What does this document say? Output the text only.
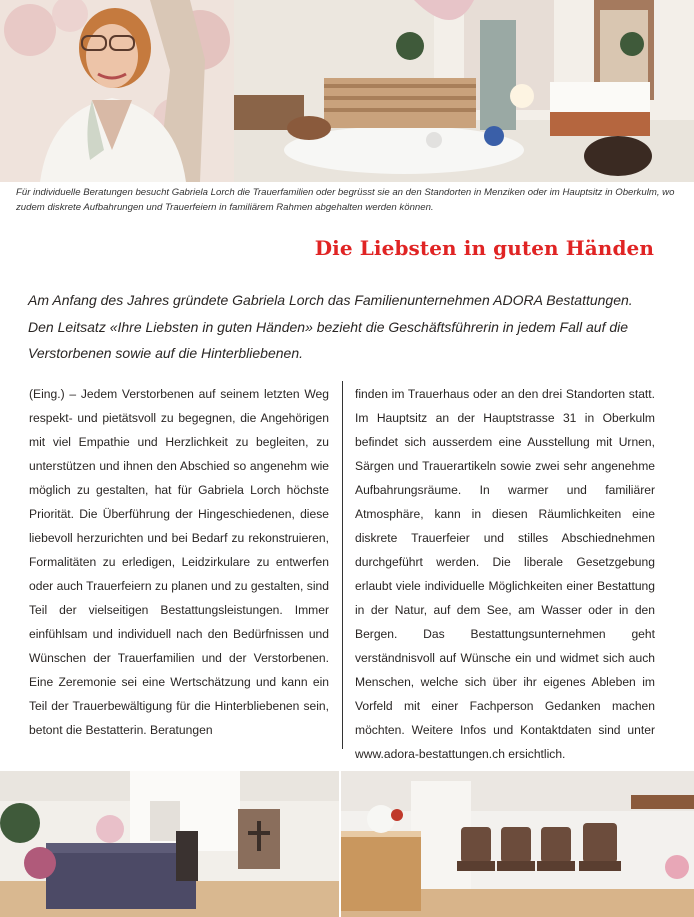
Für individuelle Beratungen besucht Gabriela Lorch die Trauerfamilien oder begrüsst sie an den Standorten in Menziken oder im Hauptsitz in Oberkulm, wo zudem diskrete Aufbahrungen und Trauerfeiern in familiärem Rahmen abgehalten werden können.

Die Liebsten in guten Händen

Am Anfang des Jahres gründete Gabriela Lorch das Familienunternehmen ADORA Bestattungen. Den Leitsatz «Ihre Liebsten in guten Händen» bezieht die Geschäftsführerin in jedem Fall auf die Verstorbenen sowie auf die Hinterbliebenen.

(Eing.) – Jedem Verstorbenen auf seinem letzten Weg respekt- und pietätsvoll zu begegnen, die Angehörigen mit viel Empathie und Herzlichkeit zu begleiten, zu unterstützen und ihnen den Abschied so angenehm wie möglich zu gestalten, hat für Gabriela Lorch höchste Priorität. Die Überführung der Hingeschiedenen, diese liebevoll herzurichten und bei Bedarf zu rekonstruieren, Formalitäten zu erledigen, Leidzirkulare zu entwerfen oder auch Trauerfeiern zu planen und zu gestalten, sind Teil der vielseitigen Bestattungsleistungen. Immer einfühlsam und individuell nach den Bedürfnissen und Wünschen der Trauerfamilien und der Verstorbenen. Eine Zeremonie sei eine Wertschätzung und kann ein Teil der Trauerbewältigung für die Hinterbliebenen sein, betont die Bestatterin. Beratungen

finden im Trauerhaus oder an den drei Standorten statt. Im Hauptsitz an der Hauptstrasse 31 in Oberkulm befindet sich ausserdem eine Ausstellung mit Urnen, Särgen und Trauerartikeln sowie zwei sehr angenehme Aufbahrungsräume. In warmer und familiärer Atmosphäre, kann in diesen Räumlichkeiten eine diskrete Trauerfeier und stilles Abschiednehmen durchgeführt werden. Die liberale Gesetzgebung erlaubt viele individuelle Möglichkeiten einer Bestattung in der Natur, auf dem See, am Wasser oder in den Bergen. Das Bestattungsunternehmen geht verständnisvoll auf Wünsche ein und widmet sich auch Menschen, welche sich über ihr eigenes Ableben im Vorfeld mit einer Fachperson Gedanken machen möchten. Weitere Infos und Kontaktdaten sind unter www.adora-bestattungen.ch ersichtlich.
